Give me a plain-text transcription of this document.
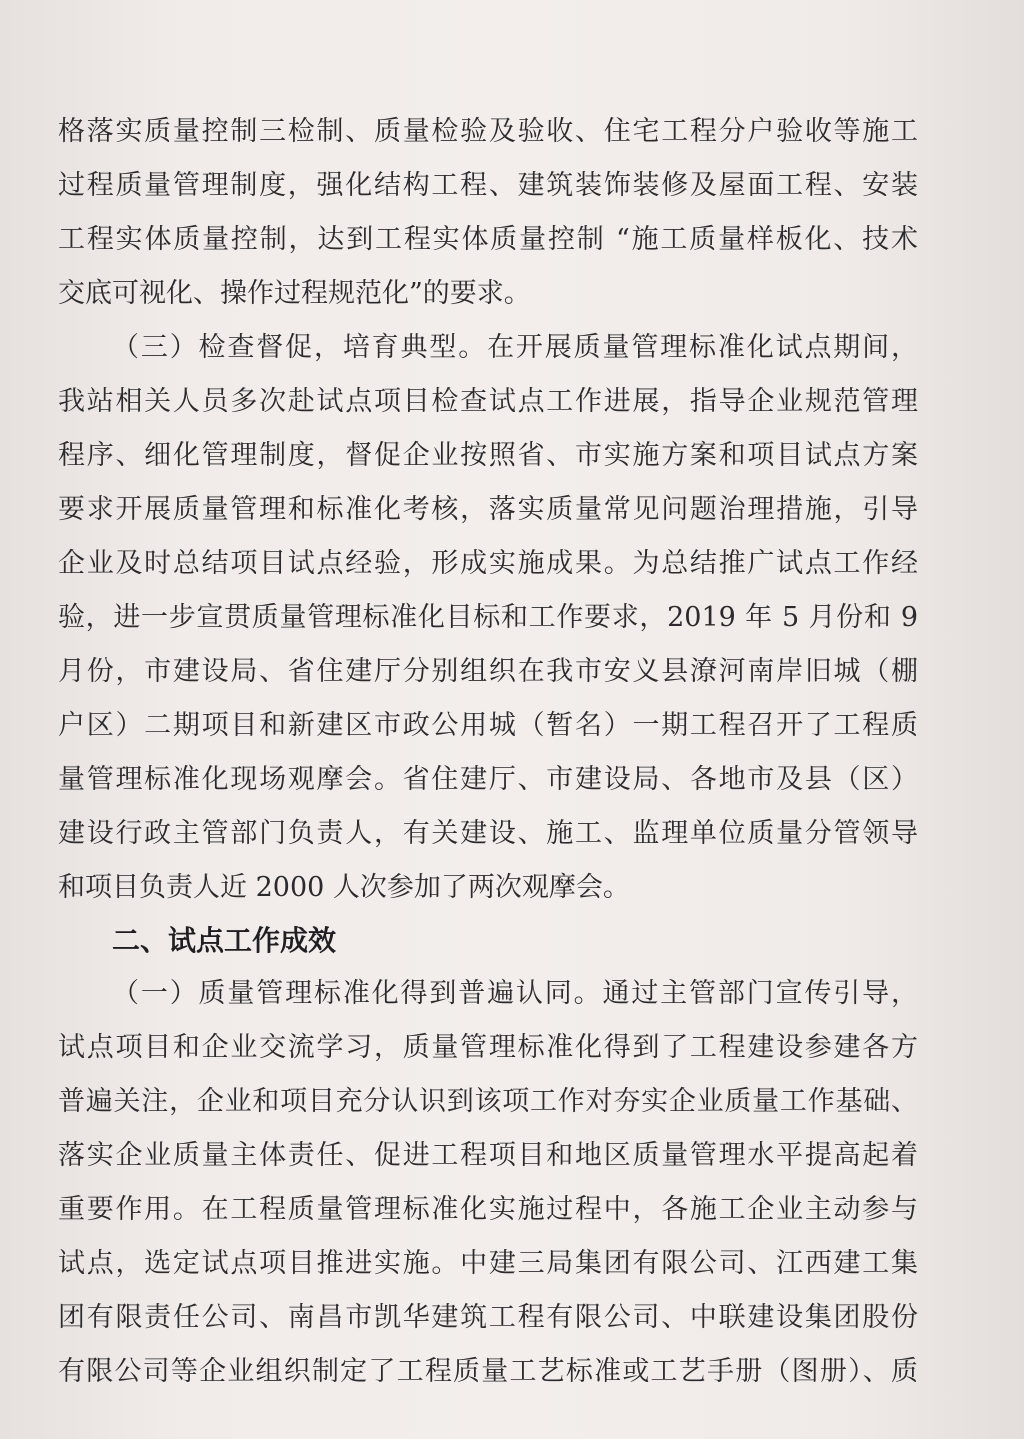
格落实质量控制三检制、质量检验及验收、住宅工程分户验收等施工
过程质量管理制度，强化结构工程、建筑装饰装修及屋面工程、安装
工程实体质量控制，达到工程实体质量控制 “施工质量样板化、技术
交底可视化、操作过程规范化”的要求。
（三）检查督促，培育典型。在开展质量管理标准化试点期间，
我站相关人员多次赴试点项目检查试点工作进展，指导企业规范管理
程序、细化管理制度，督促企业按照省、市实施方案和项目试点方案
要求开展质量管理和标准化考核，落实质量常见问题治理措施，引导
企业及时总结项目试点经验，形成实施成果。为总结推广试点工作经
验，进一步宣贯质量管理标准化目标和工作要求，2019 年 5 月份和 9
月份，市建设局、省住建厅分别组织在我市安义县潦河南岸旧城（棚
户区）二期项目和新建区市政公用城（暂名）一期工程召开了工程质
量管理标准化现场观摩会。省住建厅、市建设局、各地市及县（区）
建设行政主管部门负责人，有关建设、施工、监理单位质量分管领导
和项目负责人近 2000 人次参加了两次观摩会。
二、试点工作成效
（一）质量管理标准化得到普遍认同。通过主管部门宣传引导，
试点项目和企业交流学习，质量管理标准化得到了工程建设参建各方
普遍关注，企业和项目充分认识到该项工作对夯实企业质量工作基础、
落实企业质量主体责任、促进工程项目和地区质量管理水平提高起着
重要作用。在工程质量管理标准化实施过程中，各施工企业主动参与
试点，选定试点项目推进实施。中建三局集团有限公司、江西建工集
团有限责任公司、南昌市凯华建筑工程有限公司、中联建设集团股份
有限公司等企业组织制定了工程质量工艺标准或工艺手册（图册）、质
